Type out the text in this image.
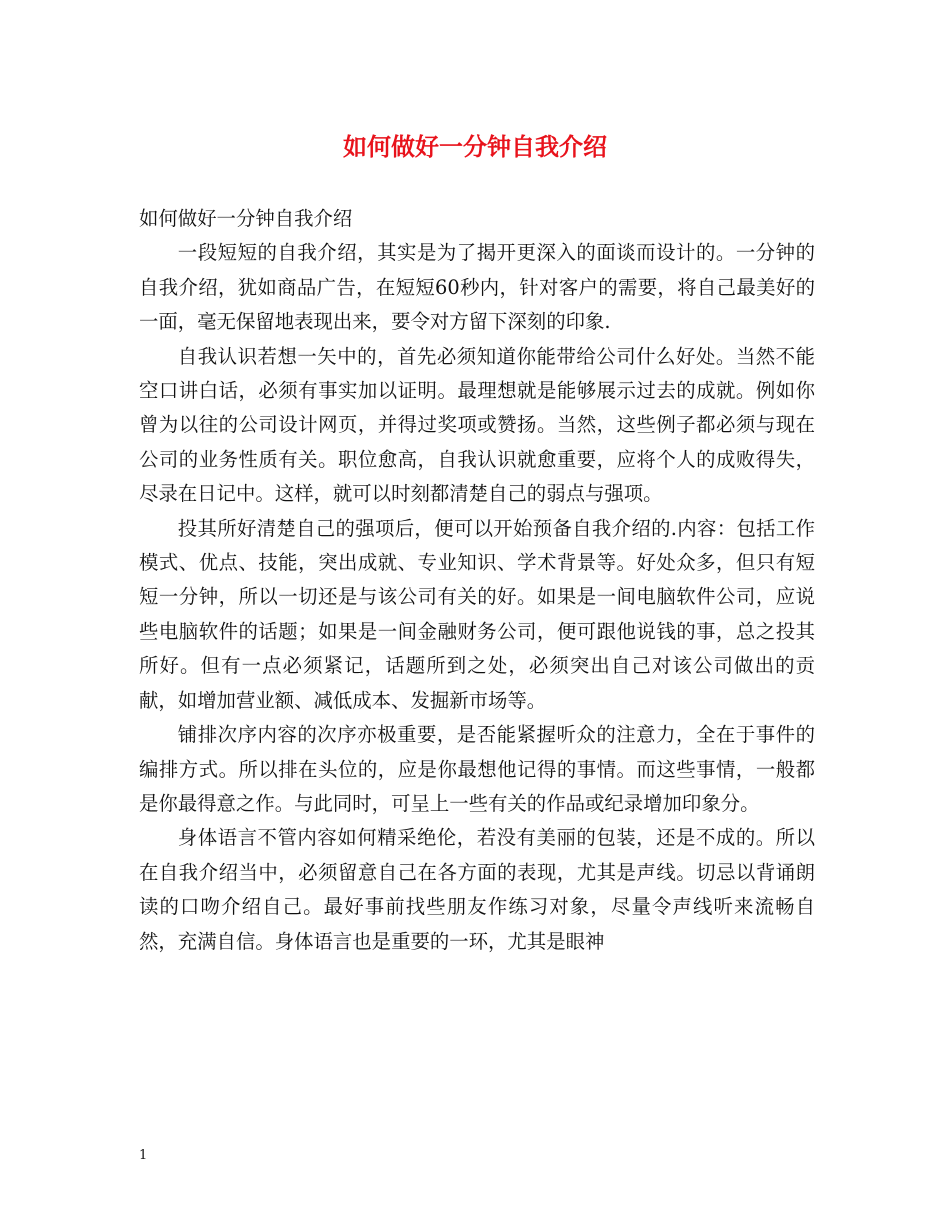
如何做好一分钟自我介绍

如何做好一分钟自我介绍

一段短短的自我介绍，其实是为了揭开更深入的面谈而设计的。一分钟的自我介绍，犹如商品广告，在短短60秒内，针对客户的需要，将自己最美好的一面，毫无保留地表现出来，要令对方留下深刻的印象.

自我认识若想一矢中的，首先必须知道你能带给公司什么好处。当然不能空口讲白话，必须有事实加以证明。最理想就是能够展示过去的成就。例如你曾为以往的公司设计网页，并得过奖项或赞扬。当然，这些例子都必须与现在公司的业务性质有关。职位愈高，自我认识就愈重要，应将个人的成败得失，尽录在日记中。这样，就可以时刻都清楚自己的弱点与强项。

投其所好清楚自己的强项后，便可以开始预备自我介绍的.内容：包括工作模式、优点、技能，突出成就、专业知识、学术背景等。好处众多，但只有短短一分钟，所以一切还是与该公司有关的好。如果是一间电脑软件公司，应说些电脑软件的话题；如果是一间金融财务公司，便可跟他说钱的事，总之投其所好。但有一点必须紧记，话题所到之处，必须突出自己对该公司做出的贡献，如增加营业额、减低成本、发掘新市场等。

铺排次序内容的次序亦极重要，是否能紧握听众的注意力，全在于事件的编排方式。所以排在头位的，应是你最想他记得的事情。而这些事情，一般都是你最得意之作。与此同时，可呈上一些有关的作品或纪录增加印象分。

身体语言不管内容如何精采绝伦，若没有美丽的包装，还是不成的。所以在自我介绍当中，必须留意自己在各方面的表现，尤其是声线。切忌以背诵朗读的口吻介绍自己。最好事前找些朋友作练习对象，尽量令声线听来流畅自然，充满自信。身体语言也是重要的一环，尤其是眼神

1
